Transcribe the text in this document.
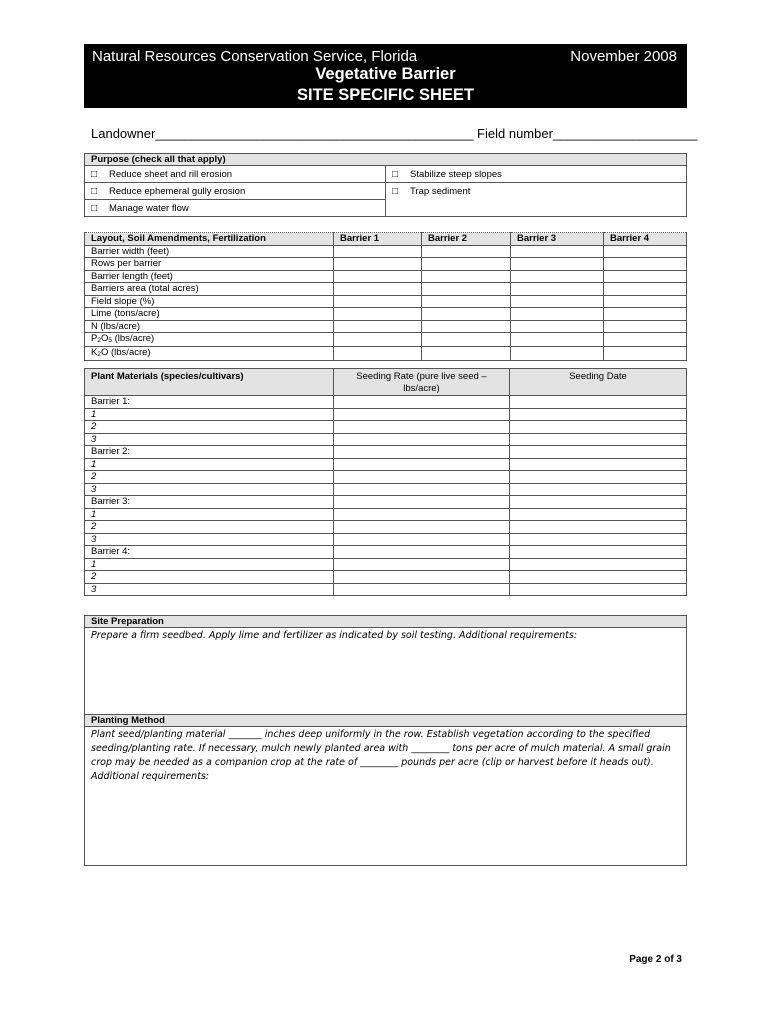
Natural Resources Conservation Service, Florida	November 2008
Vegetative Barrier
SITE SPECIFIC SHEET
Landowner____________________________________________ Field number____________________
Purpose (check all that apply)	
□ Reduce sheet and rill erosion	□Stabilize steep slopes
□ Reduce ephemeral gully erosion	□Trap sediment
□ Manage water flow
Layout, Soil Amendments, Fertilization	Barrier 1	Barrier 2	Barrier 3	Barrier 4
Barrier width (feet)				
Rows per barrier				
Barrier length (feet)				
Barriers area (total acres)				
Field slope (%)				
Lime (tons/acre)				
N (lbs/acre)				
$P_2O_5$ (lbs/acre)				
$K_2O$ (lbs/acre)				
Plant Materials (species/cultivars)	Seeding Rate (pure live seed – lbs/acre)	Seeding Date
Barrier 1:		
1		
2		
3		
Barrier 2:		
1		
2		
3		
Barrier 3:		
1		
2		
3		
Barrier 4:		
1		
2		
3		
Site Preparation

Prepare a firm seedbed. Apply lime and fertilizer as indicated by soil testing. Additional requirements:

Planting Method

Plant seed/planting material _______ inches deep uniformly in the row. Establish vegetation according to the specified seeding/planting rate. If necessary, mulch newly planted area with ________ tons per acre of mulch material. A small grain crop may be needed as a companion crop at the rate of ________ pounds per acre (clip or harvest before it heads out).
Additional requirements:
Page 2 of 3
